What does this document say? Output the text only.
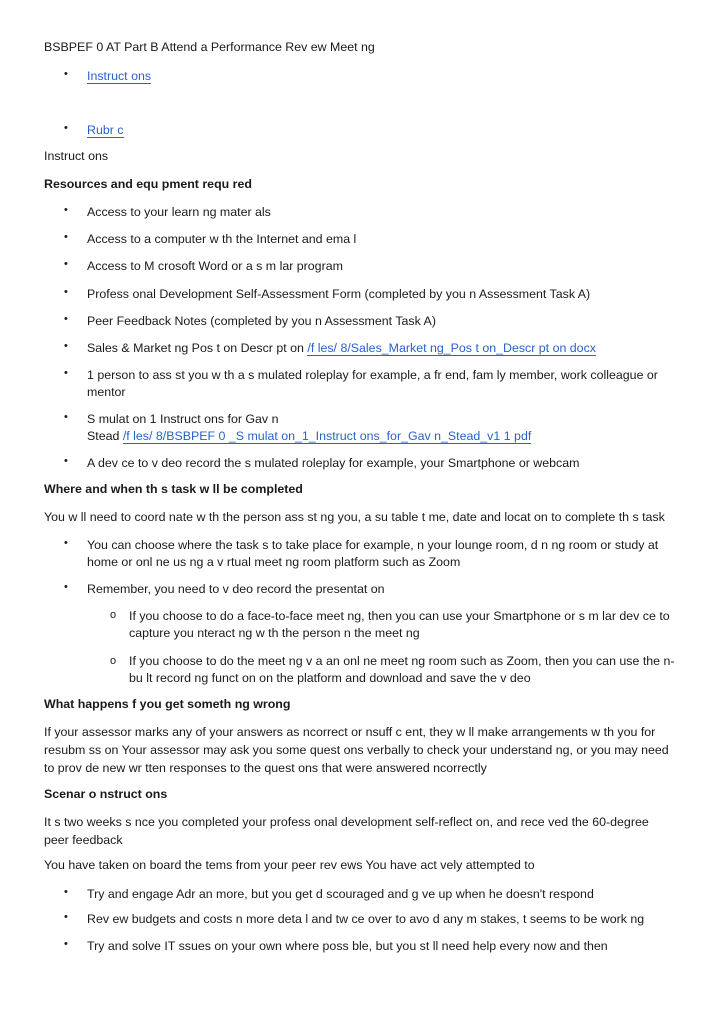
BSBPEF 0 AT Part B Attend a Performance Rev ew Meet ng
• Instruct ons
• Rubr c
Instruct ons
Resources and equ pment requ red
• Access to your learn ng mater als
• Access to a computer w th the Internet and ema l
• Access to M crosoft Word or a s m lar program
• Profess onal Development Self-Assessment Form (completed by you n Assessment Task A)
• Peer Feedback Notes (completed by you n Assessment Task A)
• Sales & Market ng Pos t on Descr pt on /f les/ 8/Sales_Market ng_Pos t on_Descr pt on docx
• 1 person to ass st you w th a s mulated roleplay for example, a fr end, fam ly member, work colleague or mentor
• S mulat on 1 Instruct ons for Gav n
Stead /f les/ 8/BSBPEF 0 _S mulat on_1_Instruct ons_for_Gav n_Stead_v1 1 pdf
• A dev ce to v deo record the s mulated roleplay for example, your Smartphone or webcam
Where and when th s task w ll be completed
You w ll need to coord nate w th the person ass st ng you, a su table t me, date and locat on to complete th s task
• You can choose where the task s to take place for example, n your lounge room, d n ng room or study at home or onl ne us ng a v rtual meet ng room platform such as Zoom
• Remember, you need to v deo record the presentat on
o If you choose to do a face-to-face meet ng, then you can use your Smartphone or s m lar dev ce to capture you nteract ng w th the person n the meet ng
o If you choose to do the meet ng v a an onl ne meet ng room such as Zoom, then you can use the n-bu lt record ng funct on on the platform and download and save the v deo
What happens f you get someth ng wrong
If your assessor marks any of your answers as ncorrect or nsuff c ent, they w ll make arrangements w th you for resubm ss on Your assessor may ask you some quest ons verbally to check your understand ng, or you may need to prov de new wr tten responses to the quest ons that were answered ncorrectly
Scenar o nstruct ons
It s two weeks s nce you completed your profess onal development self-reflect on, and rece ved the 60-degree peer feedback
You have taken on board the tems from your peer rev ews You have act vely attempted to
• Try and engage Adr an more, but you get d scouraged and g ve up when he doesn't respond
• Rev ew budgets and costs n more deta l and tw ce over to avo d any m stakes, t seems to be work ng
• Try and solve IT ssues on your own where poss ble, but you st ll need help every now and then
